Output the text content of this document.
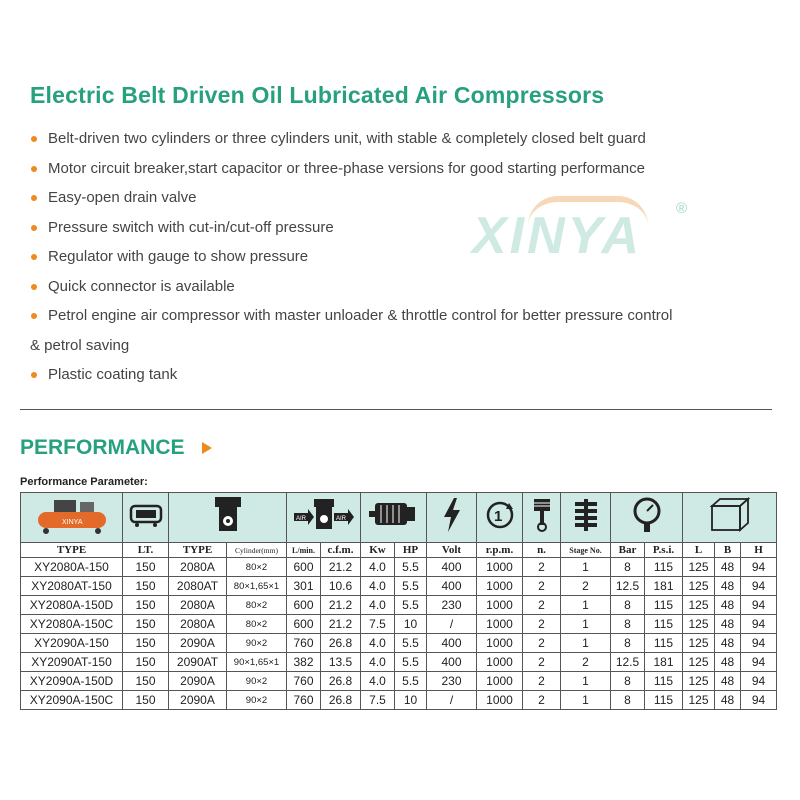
Electric Belt Driven Oil Lubricated Air Compressors
Belt-driven two cylinders or three cylinders unit, with stable & completely closed belt guard
Motor circuit breaker,start capacitor or three-phase versions for good starting performance
Easy-open drain valve
Pressure switch with cut-in/cut-off pressure
Regulator with gauge to show pressure
Quick connector is available
Petrol engine air compressor with master unloader & throttle control for better pressure control
& petrol saving
Plastic coating tank
XINYA ®
PERFORMANCE
Performance Parameter:
XINYA				AIR AIR					1

TYPE	LT.	TYPE	Cylinder(mm)	L/min.	c.f.m.	Kw	HP	Volt	r.p.m.	n.	Stage No.	Bar	P.s.i.	L	B	H
XY2080A-150	150	2080A	80×2	600	21.2	4.0	5.5	400	1000	2	1	8	115	125	48	94
XY2080AT-150	150	2080AT	80×1,65×1	301	10.6	4.0	5.5	400	1000	2	2	12.5	181	125	48	94
XY2080A-150D	150	2080A	80×2	600	21.2	4.0	5.5	230	1000	2	1	8	115	125	48	94
XY2080A-150C	150	2080A	80×2	600	21.2	7.5	10	/	1000	2	1	8	115	125	48	94
XY2090A-150	150	2090A	90×2	760	26.8	4.0	5.5	400	1000	2	1	8	115	125	48	94
XY2090AT-150	150	2090AT	90×1,65×1	382	13.5	4.0	5.5	400	1000	2	2	12.5	181	125	48	94
XY2090A-150D	150	2090A	90×2	760	26.8	4.0	5.5	230	1000	2	1	8	115	125	48	94
XY2090A-150C	150	2090A	90×2	760	26.8	7.5	10	/	1000	2	1	8	115	125	48	94
